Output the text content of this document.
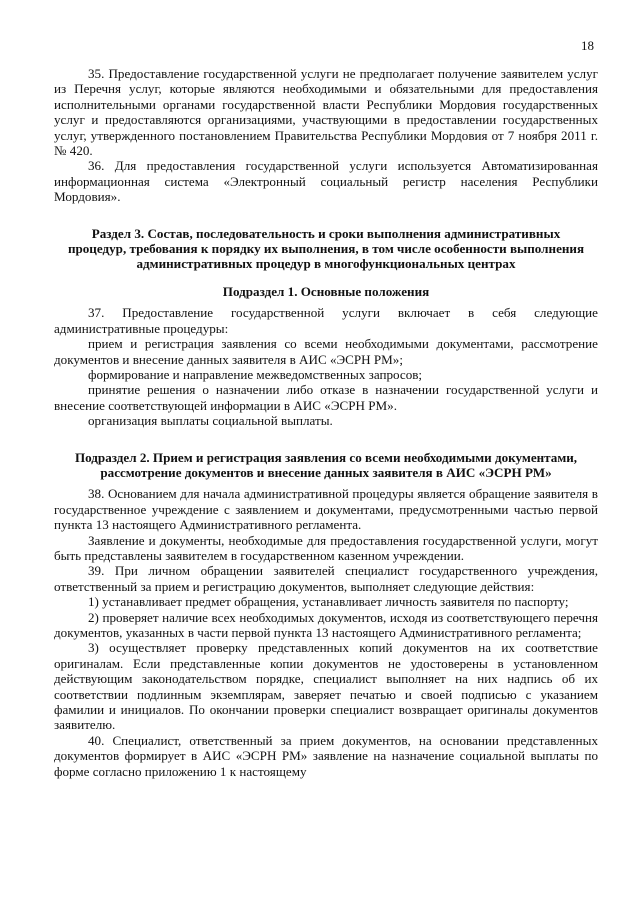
18

35. Предоставление государственной услуги не предполагает получение заявителем услуг из Перечня услуг, которые являются необходимыми и обязательными для предоставления исполнительными органами государственной власти Республики Мордовия государственных услуг и предоставляются организациями, участвующими в предоставлении государственных услуг, утвержденного постановлением Правительства Республики Мордовия от 7 ноября 2011 г. № 420.

36. Для предоставления государственной услуги используется Автоматизированная информационная система «Электронный социальный регистр населения Республики Мордовия».

Раздел 3. Состав, последовательность и сроки выполнения административных процедур, требования к порядку их выполнения, в том числе особенности выполнения административных процедур в многофункциональных центрах

Подраздел 1. Основные положения

37. Предоставление государственной услуги включает в себя следующие административные процедуры:

прием и регистрация заявления со всеми необходимыми документами, рассмотрение документов и внесение данных заявителя в АИС «ЭСРН РМ»;

формирование и направление межведомственных запросов;

принятие решения о назначении либо отказе в назначении государственной услуги и внесение соответствующей информации в АИС «ЭСРН РМ».

организация выплаты социальной выплаты.

Подраздел 2. Прием и регистрация заявления со всеми необходимыми документами, рассмотрение документов и внесение данных заявителя в АИС «ЭСРН РМ»

38. Основанием для начала административной процедуры является обращение заявителя в государственное учреждение с заявлением и документами, предусмотренными частью первой пункта 13 настоящего Административного регламента.

Заявление и документы, необходимые для предоставления государственной услуги, могут быть представлены заявителем в государственном казенном учреждении.

39. При личном обращении заявителей специалист государственного учреждения, ответственный за прием и регистрацию документов, выполняет следующие действия:

1) устанавливает предмет обращения, устанавливает личность заявителя по паспорту;

2) проверяет наличие всех необходимых документов, исходя из соответствующего перечня документов, указанных в части первой пункта 13 настоящего Административного регламента;

3) осуществляет проверку представленных копий документов на их соответствие оригиналам. Если представленные копии документов не удостоверены в установленном действующим законодательством порядке, специалист выполняет на них надпись об их соответствии подлинным экземплярам, заверяет печатью и своей подписью с указанием фамилии и инициалов. По окончании проверки специалист возвращает оригиналы документов заявителю.

40. Специалист, ответственный за прием документов, на основании представленных документов формирует в АИС «ЭСРН РМ» заявление на назначение социальной выплаты по форме согласно приложению 1 к настоящему
